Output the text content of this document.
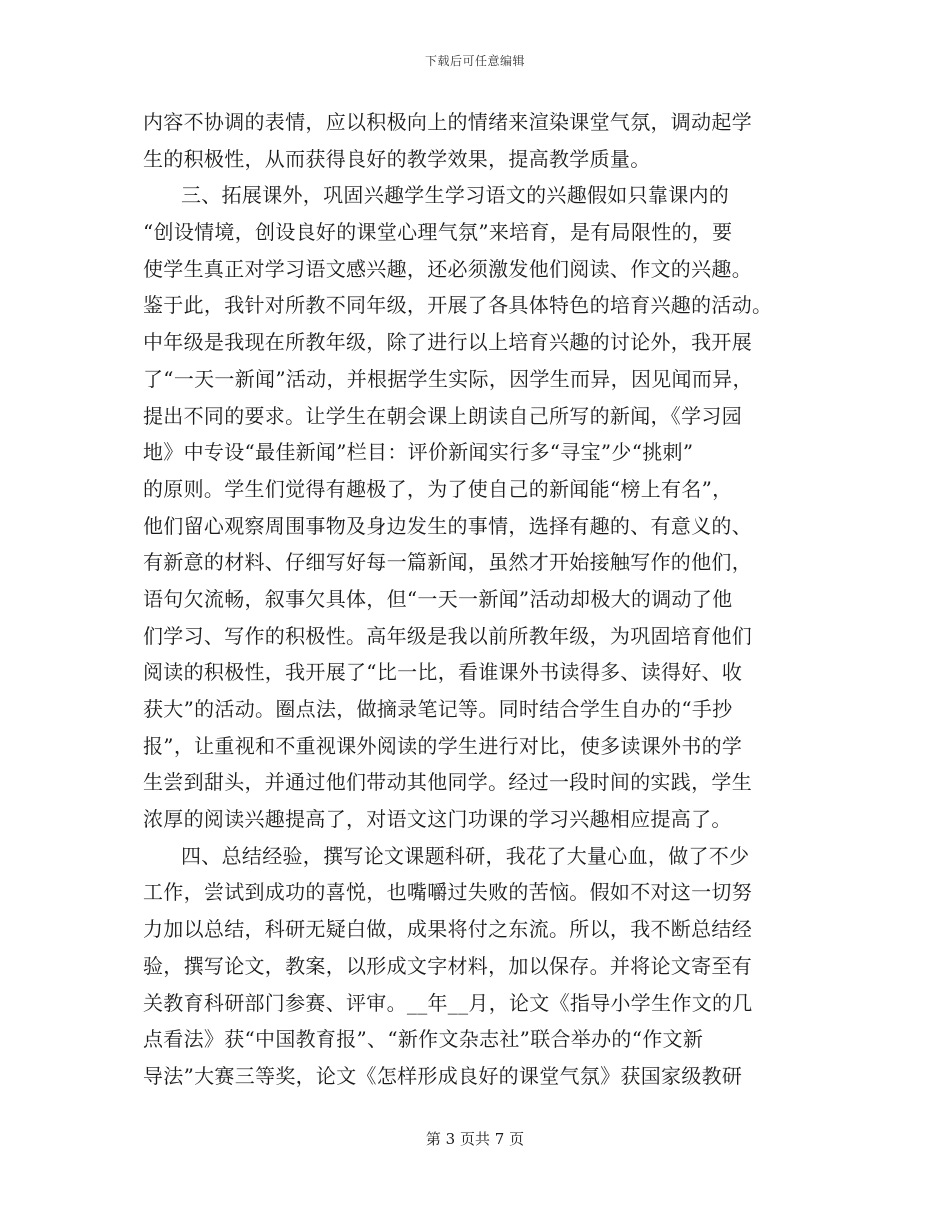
下载后可任意编辑
内容不协调的表情，应以积极向上的情绪来渲染课堂气氛，调动起学
生的积极性，从而获得良好的教学效果，提高教学质量。
三、拓展课外，巩固兴趣学生学习语文的兴趣假如只靠课内的
“创设情境，创设良好的课堂心理气氛”来培育，是有局限性的，要
使学生真正对学习语文感兴趣，还必须激发他们阅读、作文的兴趣。
鉴于此，我针对所教不同年级，开展了各具体特色的培育兴趣的活动。
中年级是我现在所教年级，除了进行以上培育兴趣的讨论外，我开展
了“一天一新闻”活动，并根据学生实际，因学生而异，因见闻而异，
提出不同的要求。让学生在朝会课上朗读自己所写的新闻，《学习园
地》中专设“最佳新闻”栏目：评价新闻实行多“寻宝”少“挑刺”
的原则。学生们觉得有趣极了，为了使自己的新闻能“榜上有名”，
他们留心观察周围事物及身边发生的事情，选择有趣的、有意义的、
有新意的材料、仔细写好每一篇新闻，虽然才开始接触写作的他们，
语句欠流畅，叙事欠具体，但“一天一新闻”活动却极大的调动了他
们学习、写作的积极性。高年级是我以前所教年级，为巩固培育他们
阅读的积极性，我开展了“比一比，看谁课外书读得多、读得好、收
获大”的活动。圈点法，做摘录笔记等。同时结合学生自办的“手抄
报”，让重视和不重视课外阅读的学生进行对比，使多读课外书的学
生尝到甜头，并通过他们带动其他同学。经过一段时间的实践，学生
浓厚的阅读兴趣提高了，对语文这门功课的学习兴趣相应提高了。
四、总结经验，撰写论文课题科研，我花了大量心血，做了不少
工作，尝试到成功的喜悦，也嘴嚼过失败的苦恼。假如不对这一切努
力加以总结，科研无疑白做，成果将付之东流。所以，我不断总结经
验，撰写论文，教案，以形成文字材料，加以保存。并将论文寄至有
关教育科研部门参赛、评审。__年__月，论文《指导小学生作文的几
点看法》获“中国教育报”、“新作文杂志社”联合举办的“作文新
导法”大赛三等奖，论文《怎样形成良好的课堂气氛》获国家级教研
第 3 页共 7 页
